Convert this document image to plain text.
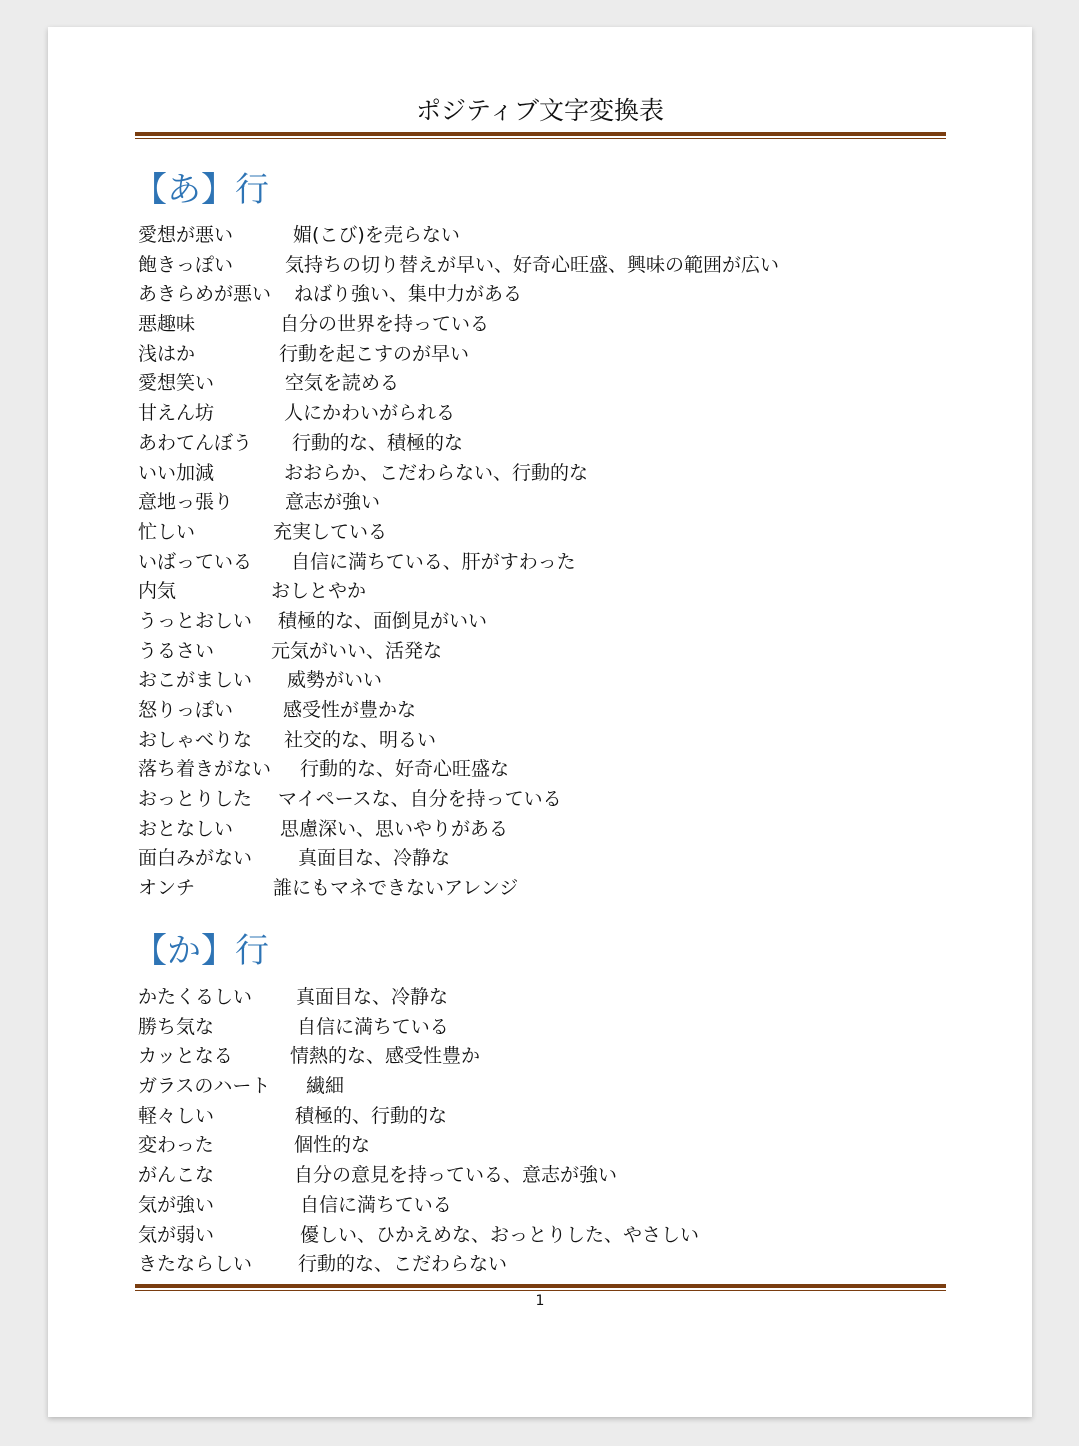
ポジティブ文字変換表
【あ】行
愛想が悪い	媚(こび)を売らない
飽きっぽい	気持ちの切り替えが早い、好奇心旺盛、興味の範囲が広い
あきらめが悪い	ねばり強い、集中力がある
悪趣味	自分の世界を持っている
浅はか	行動を起こすのが早い
愛想笑い	空気を読める
甘えん坊	人にかわいがられる
あわてんぼう	行動的な、積極的な
いい加減	おおらか、こだわらない、行動的な
意地っ張り	意志が強い
忙しい	充実している
いばっている	自信に満ちている、肝がすわった
内気	おしとやか
うっとおしい	積極的な、面倒見がいい
うるさい	元気がいい、活発な
おこがましい	威勢がいい
怒りっぽい	感受性が豊かな
おしゃべりな	社交的な、明るい
落ち着きがない	行動的な、好奇心旺盛な
おっとりした	マイペースな、自分を持っている
おとなしい	思慮深い、思いやりがある
面白みがない	真面目な、冷静な
オンチ	誰にもマネできないアレンジ
【か】行
かたくるしい	真面目な、冷静な
勝ち気な	自信に満ちている
カッとなる	情熱的な、感受性豊か
ガラスのハート	繊細
軽々しい	積極的、行動的な
変わった	個性的な
がんこな	自分の意見を持っている、意志が強い
気が強い	自信に満ちている
気が弱い	優しい、ひかえめな、おっとりした、やさしい
きたならしい	行動的な、こだわらない
1
